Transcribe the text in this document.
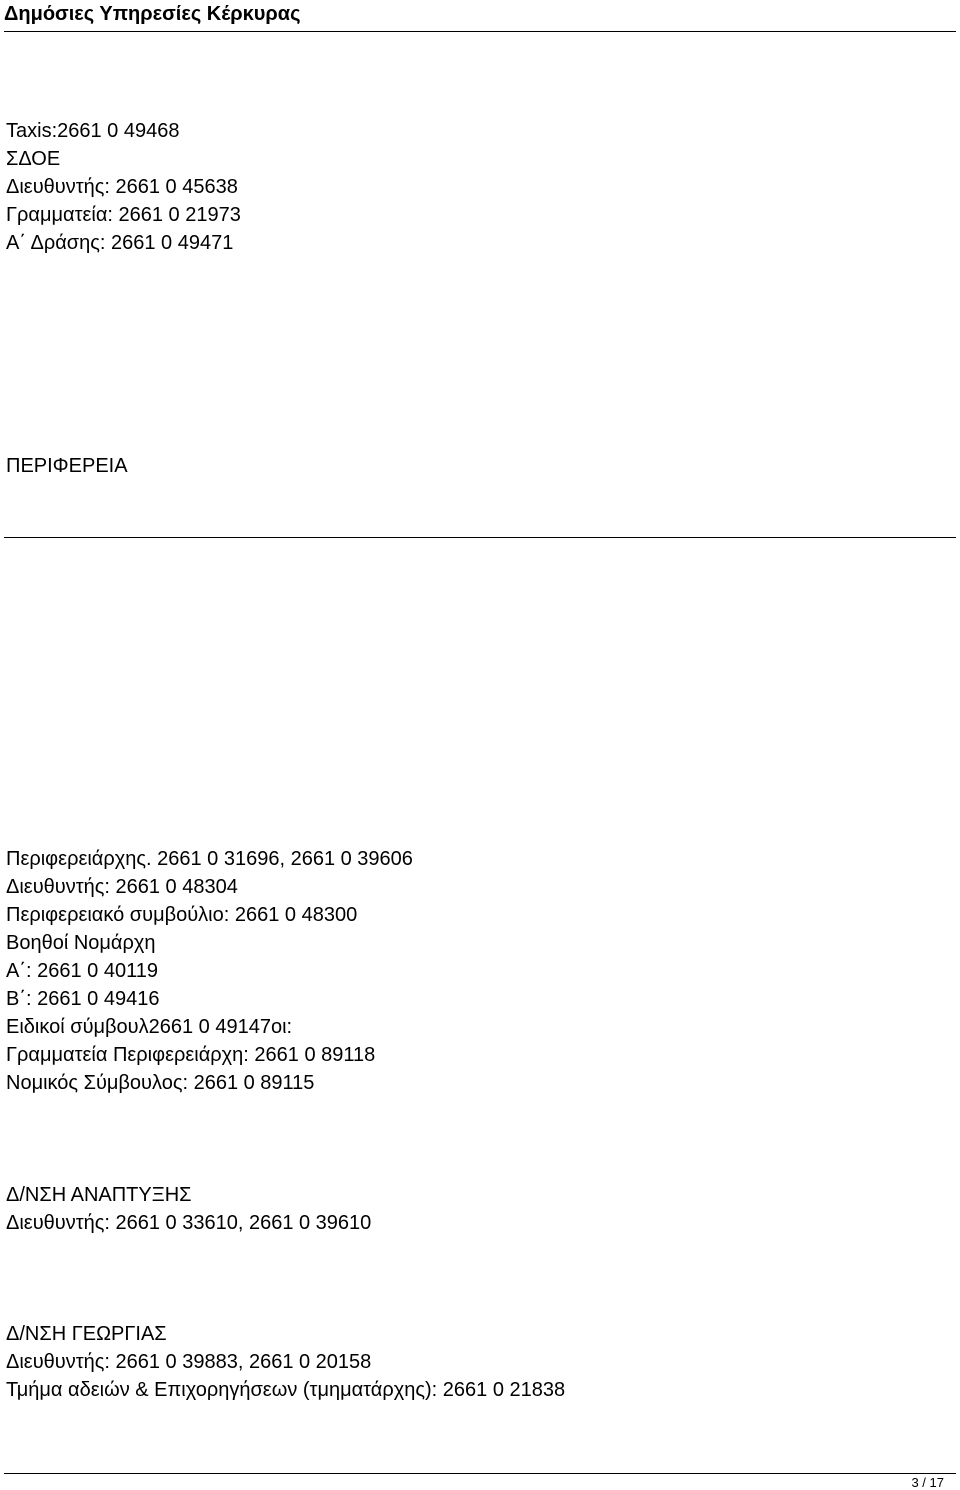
Δημόσιες Υπηρεσίες Κέρκυρας
Taxis:2661 0 49468
ΣΔΟΕ
Διευθυντής: 2661 0 45638
Γραμματεία: 2661 0 21973
Α΄ Δράσης: 2661 0 49471
ΠΕΡΙΦΕΡΕΙΑ
Περιφερειάρχης. 2661 0 31696, 2661 0 39606
Διευθυντής: 2661 0 48304
Περιφερειακό συμβούλιο: 2661 0 48300
Βοηθοί Νομάρχη
Α΄: 2661 0 40119
Β΄: 2661 0 49416
Ειδικοί σύμβουλ2661 0 49147οι:
Γραμματεία Περιφερειάρχη: 2661 0 89118
Νομικός Σύμβουλος: 2661 0 89115
Δ/ΝΣΗ ΑΝΑΠΤΥΞΗΣ
Διευθυντής: 2661 0 33610, 2661 0 39610
Δ/ΝΣΗ ΓΕΩΡΓΙΑΣ
Διευθυντής: 2661 0 39883, 2661 0 20158
Τμήμα αδειών & Επιχορηγήσεων (τμηματάρχης): 2661 0 21838
3 / 17
